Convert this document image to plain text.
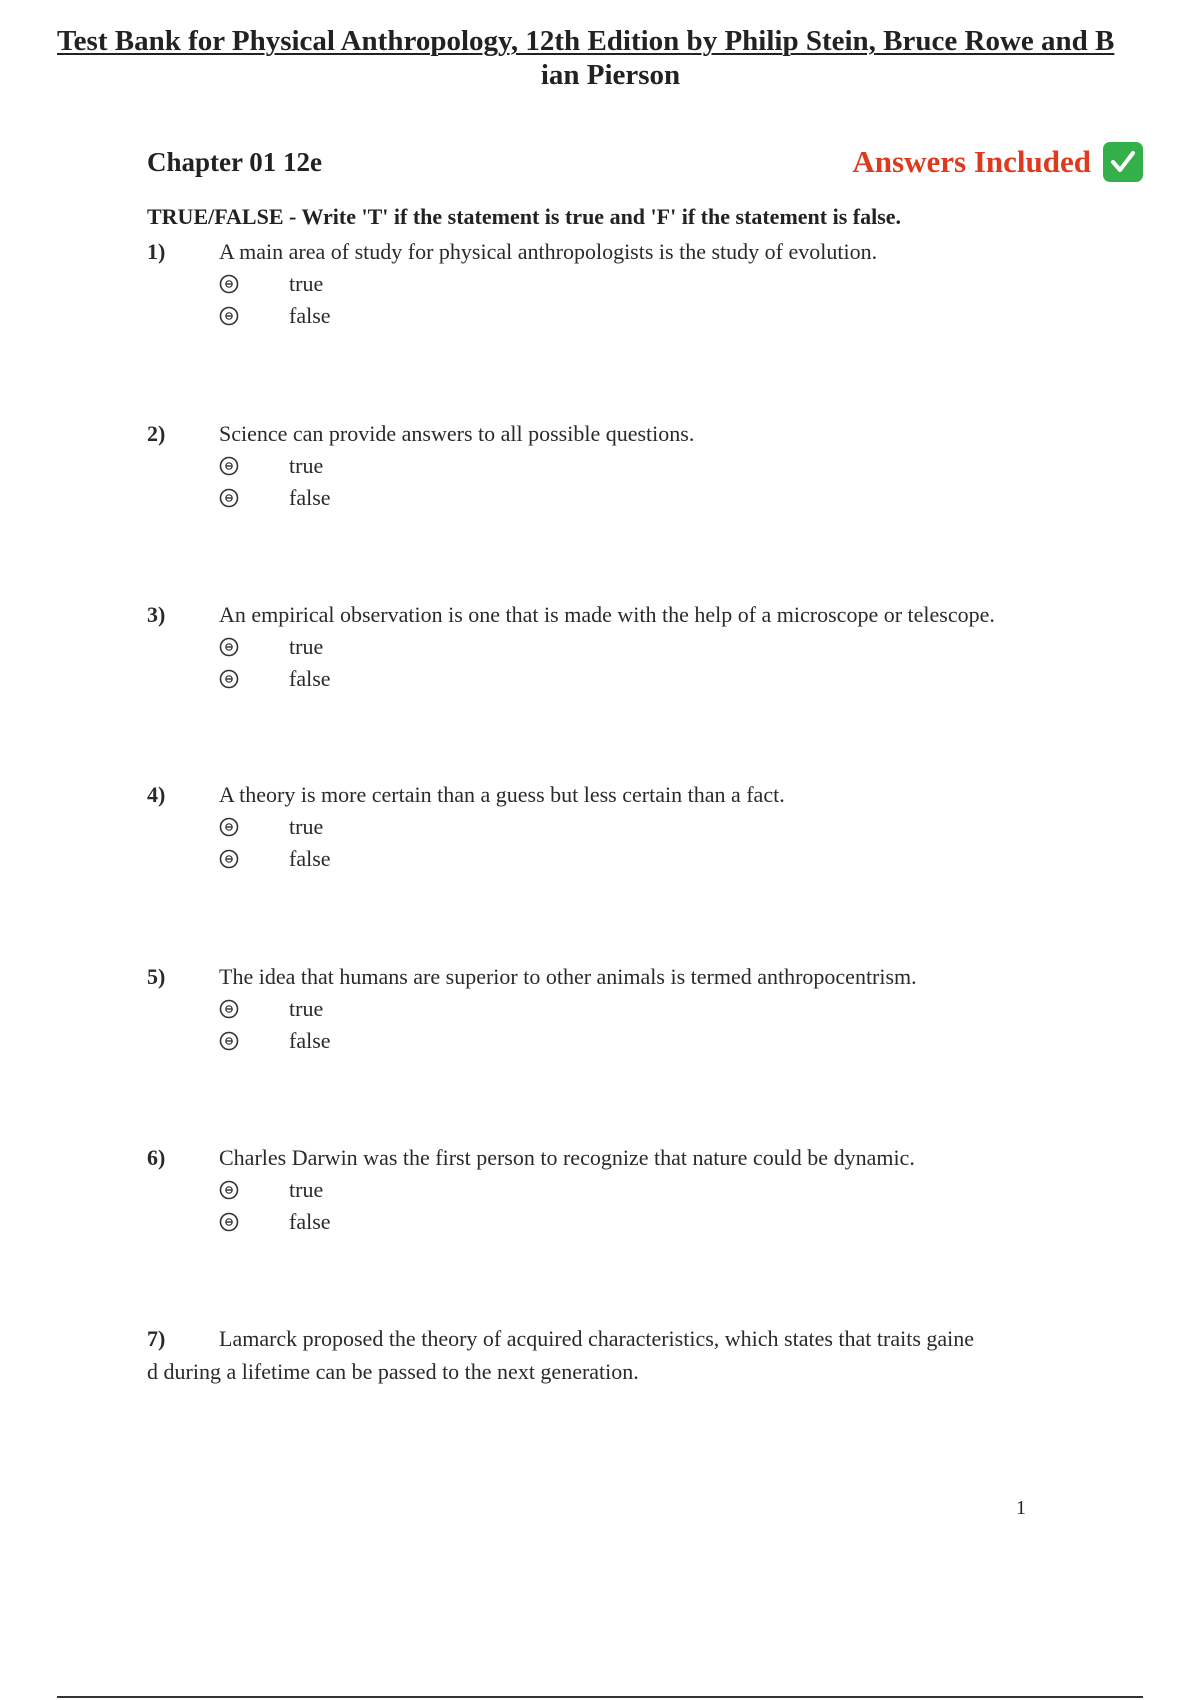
Test Bank for Physical Anthropology, 12th Edition by Philip Stein, Bruce Rowe and B
ian Pierson
Chapter 01 12e	Answers Included
TRUE/FALSE - Write 'T' if the statement is true and 'F' if the statement is false.
1)	A main area of study for physical anthropologists is the study of evolution.
true
false
2)	Science can provide answers to all possible questions.
true
false
3)	An empirical observation is one that is made with the help of a microscope or telescope.
true
false
4)	A theory is more certain than a guess but less certain than a fact.
true
false
5)	The idea that humans are superior to other animals is termed anthropocentrism.
true
false
6)	Charles Darwin was the first person to recognize that nature could be dynamic.
true
false
7) Lamarck proposed the theory of acquired characteristics, which states that traits gaine
d during a lifetime can be passed to the next generation.
1
